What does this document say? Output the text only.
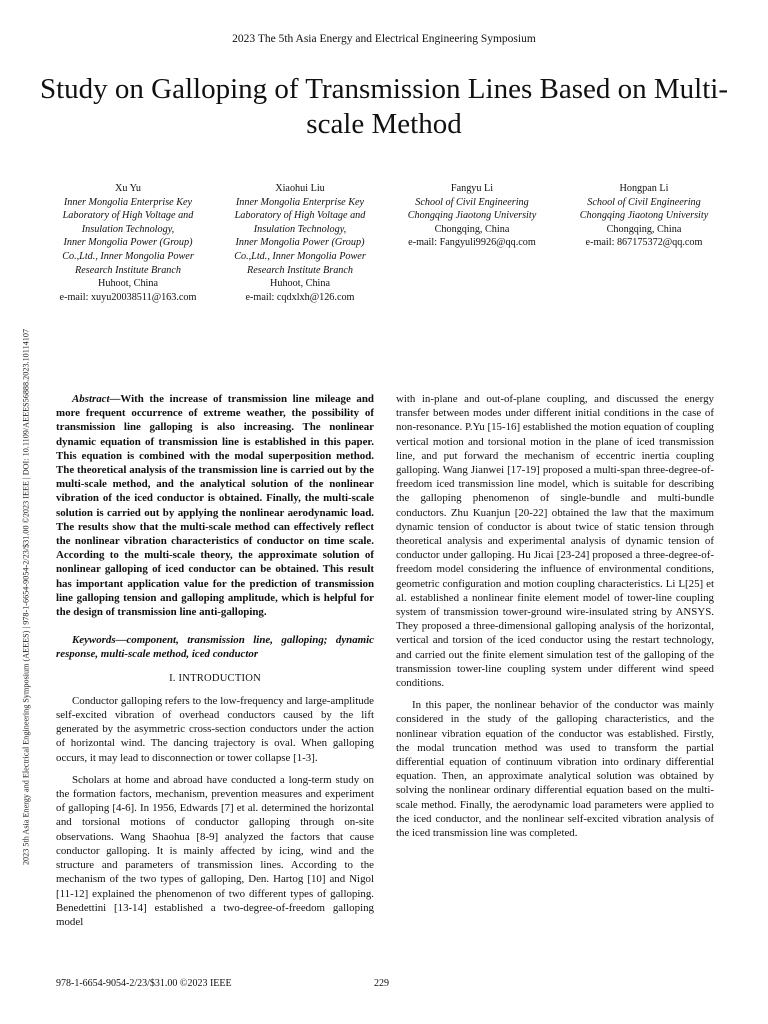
2023 The 5th Asia Energy and Electrical Engineering Symposium
Study on Galloping of Transmission Lines Based on Multi-scale Method
2023 5th Asia Energy and Electrical Engineering Symposium (AEEES) | 978-1-6654-9054-2/23/$31.00 ©2023 IEEE | DOI: 10.1109/AEEES56888.2023.10114107
Xu Yu
Inner Mongolia Enterprise Key
Laboratory of High Voltage and
Insulation Technology,
Inner Mongolia Power (Group)
Co.,Ltd., Inner Mongolia Power
Research Institute Branch
Huhoot, China
e-mail: xuyu20038511@163.com
Xiaohui Liu
Inner Mongolia Enterprise Key
Laboratory of High Voltage and
Insulation Technology,
Inner Mongolia Power (Group)
Co.,Ltd., Inner Mongolia Power
Research Institute Branch
Huhoot, China
e-mail: cqdxlxh@126.com
Fangyu Li
School of Civil Engineering
Chongqing Jiaotong University
Chongqing, China
e-mail: Fangyuli9926@qq.com
Hongpan Li
School of Civil Engineering
Chongqing Jiaotong University
Chongqing, China
e-mail: 867175372@qq.com

Abstract—With the increase of transmission line mileage and more frequent occurrence of extreme weather, the possibility of transmission line galloping is also increasing. The nonlinear dynamic equation of transmission line is established in this paper. This equation is combined with the modal superposition method. The theoretical analysis of the transmission line is carried out by the multi-scale method, and the analytical solution of the nonlinear vibration of the iced conductor is obtained. Finally, the multi-scale solution is carried out by applying the nonlinear aerodynamic load. The results show that the multi-scale method can effectively reflect the nonlinear vibration characteristics of conductor on time scale. According to the multi-scale theory, the approximate solution of nonlinear galloping of iced conductor can be obtained. This result has important application value for the prediction of transmission line galloping tension and galloping amplitude, which is helpful for the design of transmission line anti-galloping.

Keywords—component, transmission line, galloping; dynamic response, multi-scale method, iced conductor

I. INTRODUCTION

Conductor galloping refers to the low-frequency and large-amplitude self-excited vibration of overhead conductors caused by the lift generated by the asymmetric cross-section conductors under the action of horizontal wind. The dancing trajectory is oval. When galloping occurs, it may lead to disconnection or tower collapse [1-3].

Scholars at home and abroad have conducted a long-term study on the formation factors, mechanism, prevention measures and experiment of galloping [4-6]. In 1956, Edwards [7] et al. determined the horizontal and torsional motions of conductor galloping through on-site observations. Wang Shaohua [8-9] analyzed the factors that cause conductor galloping. It is mainly affected by icing, wind and the structure and parameters of transmission lines. According to the mechanism of the two types of galloping, Den. Hartog [10] and Nigol [11-12] explained the phenomenon of two different types of galloping. Benedettini [13-14] established a two-degree-of-freedom galloping model

with in-plane and out-of-plane coupling, and discussed the energy transfer between modes under different initial conditions in the case of non-resonance. P.Yu [15-16] established the motion equation of coupling vertical motion and torsional motion in the plane of iced transmission line, and put forward the mechanism of eccentric inertia coupling galloping. Wang Jianwei [17-19] proposed a multi-span three-degree-of-freedom iced transmission line model, which is suitable for describing the galloping phenomenon of single-bundle and multi-bundle conductors. Zhu Kuanjun [20-22] obtained the law that the maximum dynamic tension of conductor is about twice of static tension through theoretical analysis and experimental analysis of dynamic tension of conductor under galloping. Hu Jicai [23-24] proposed a three-degree-of-freedom model considering the influence of environmental conditions, geometric configuration and motion coupling characteristics. Li L[25] et al. established a nonlinear finite element model of tower-line coupling system of transmission tower-ground wire-insulated string by ANSYS. They proposed a three-dimensional galloping analysis of the horizontal, vertical and torsion of the iced conductor using the restart technology, and carried out the finite element simulation test of the galloping of the transmission tower-line coupling system under different wind speed conditions.

In this paper, the nonlinear behavior of the conductor was mainly considered in the study of the galloping characteristics, and the nonlinear vibration equation of the conductor was established. Firstly, the modal truncation method was used to transform the partial differential equation of continuum vibration into ordinary differential equation. Then, an approximate analytical solution was obtained by solving the nonlinear ordinary differential equation based on the multi-scale method. Finally, the aerodynamic load parameters were applied to the iced conductor, and the nonlinear self-excited vibration analysis of the iced transmission line was completed.

978-1-6654-9054-2/23/$31.00 ©2023 IEEE	229
